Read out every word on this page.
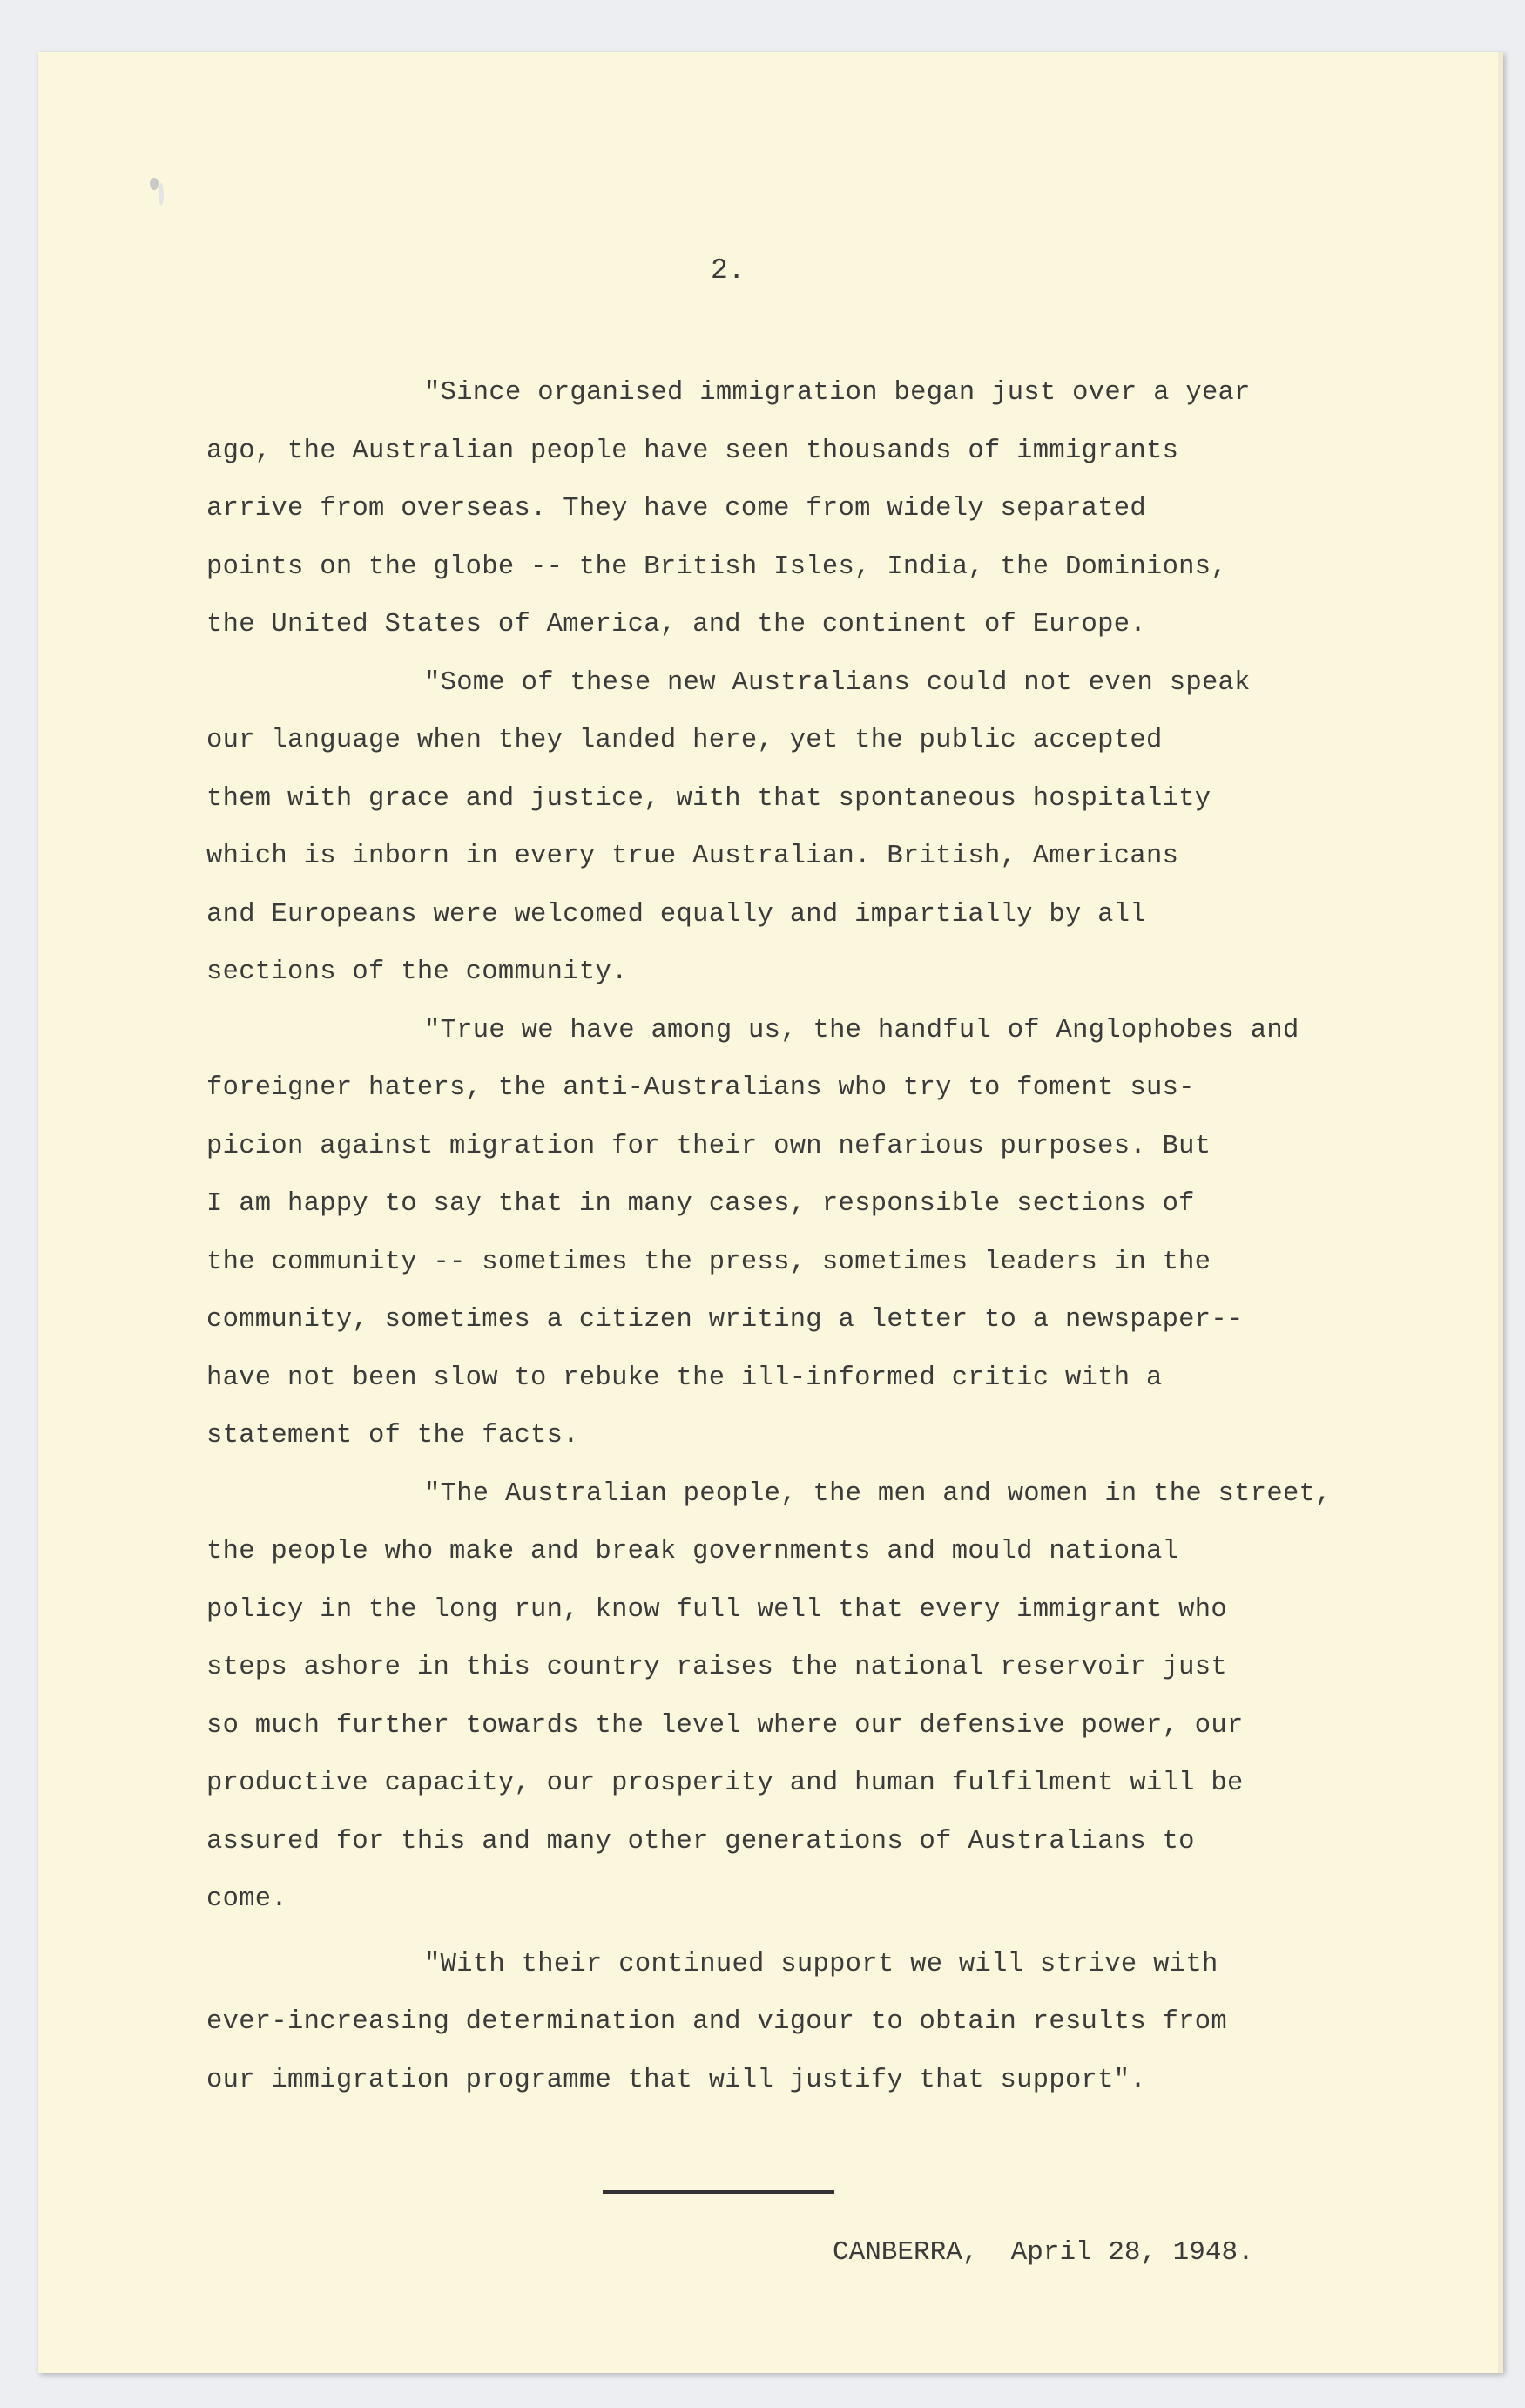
2.
"Since organised immigration began just over a year
ago, the Australian people have seen thousands of immigrants
arrive from overseas. They have come from widely separated
points on the globe -- the British Isles, India, the Dominions,
the United States of America, and the continent of Europe.
"Some of these new Australians could not even speak
our language when they landed here, yet the public accepted
them with grace and justice, with that spontaneous hospitality
which is inborn in every true Australian. British, Americans
and Europeans were welcomed equally and impartially by all
sections of the community.
"True we have among us, the handful of Anglophobes and
foreigner haters, the anti-Australians who try to foment sus-
picion against migration for their own nefarious purposes. But
I am happy to say that in many cases, responsible sections of
the community -- sometimes the press, sometimes leaders in the
community, sometimes a citizen writing a letter to a newspaper--
have not been slow to rebuke the ill-informed critic with a
statement of the facts.
"The Australian people, the men and women in the street,
the people who make and break governments and mould national
policy in the long run, know full well that every immigrant who
steps ashore in this country raises the national reservoir just
so much further towards the level where our defensive power, our
productive capacity, our prosperity and human fulfilment will be
assured for this and many other generations of Australians to
come.
"With their continued support we will strive with
ever-increasing determination and vigour to obtain results from
our immigration programme that will justify that support".
CANBERRA,  April 28, 1948.
